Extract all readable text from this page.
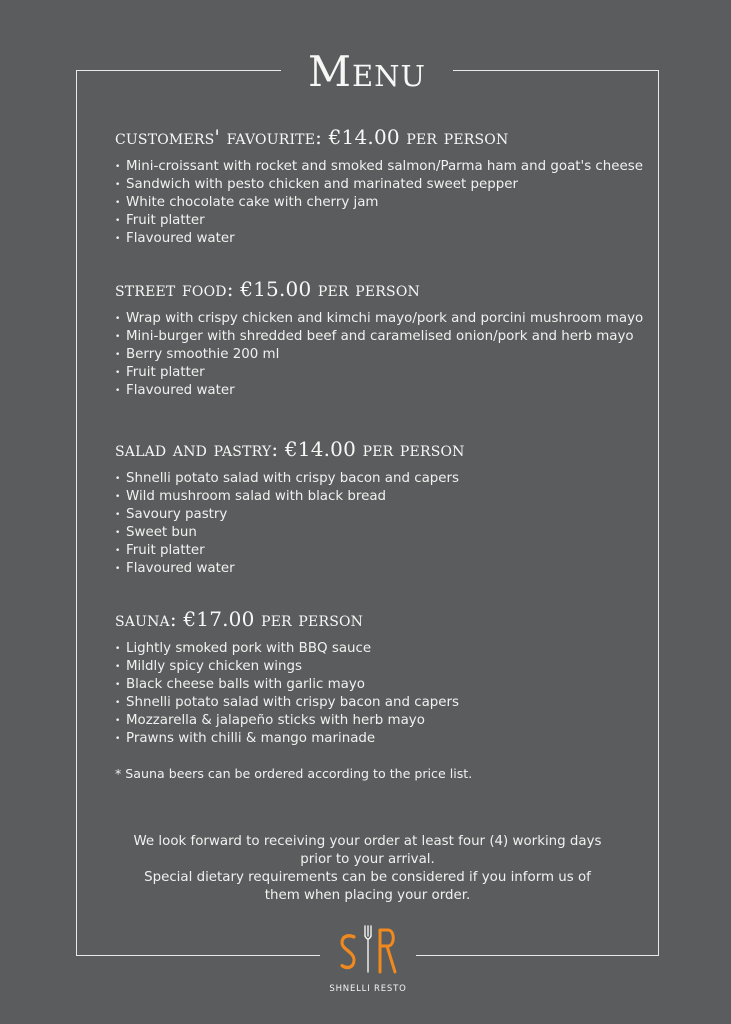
Menu
customers' favourite: €14.00 per person
• Mini-croissant with rocket and smoked salmon/Parma ham and goat's cheese
• Sandwich with pesto chicken and marinated sweet pepper
• White chocolate cake with cherry jam
• Fruit platter
• Flavoured water
street food: €15.00 per person
• Wrap with crispy chicken and kimchi mayo/pork and porcini mushroom mayo
• Mini-burger with shredded beef and caramelised onion/pork and herb mayo
• Berry smoothie 200 ml
• Fruit platter
• Flavoured water
salad and pastry: €14.00 per person
• Shnelli potato salad with crispy bacon and capers
• Wild mushroom salad with black bread
• Savoury pastry
• Sweet bun
• Fruit platter
• Flavoured water
sauna: €17.00 per person
• Lightly smoked pork with BBQ sauce
• Mildly spicy chicken wings
• Black cheese balls with garlic mayo
• Shnelli potato salad with crispy bacon and capers
• Mozzarella & jalapeño sticks with herb mayo
• Prawns with chilli & mango marinade
* Sauna beers can be ordered according to the price list.
We look forward to receiving your order at least four (4) working days
prior to your arrival.
Special dietary requirements can be considered if you inform us of
them when placing your order.
SHNELLI RESTO
